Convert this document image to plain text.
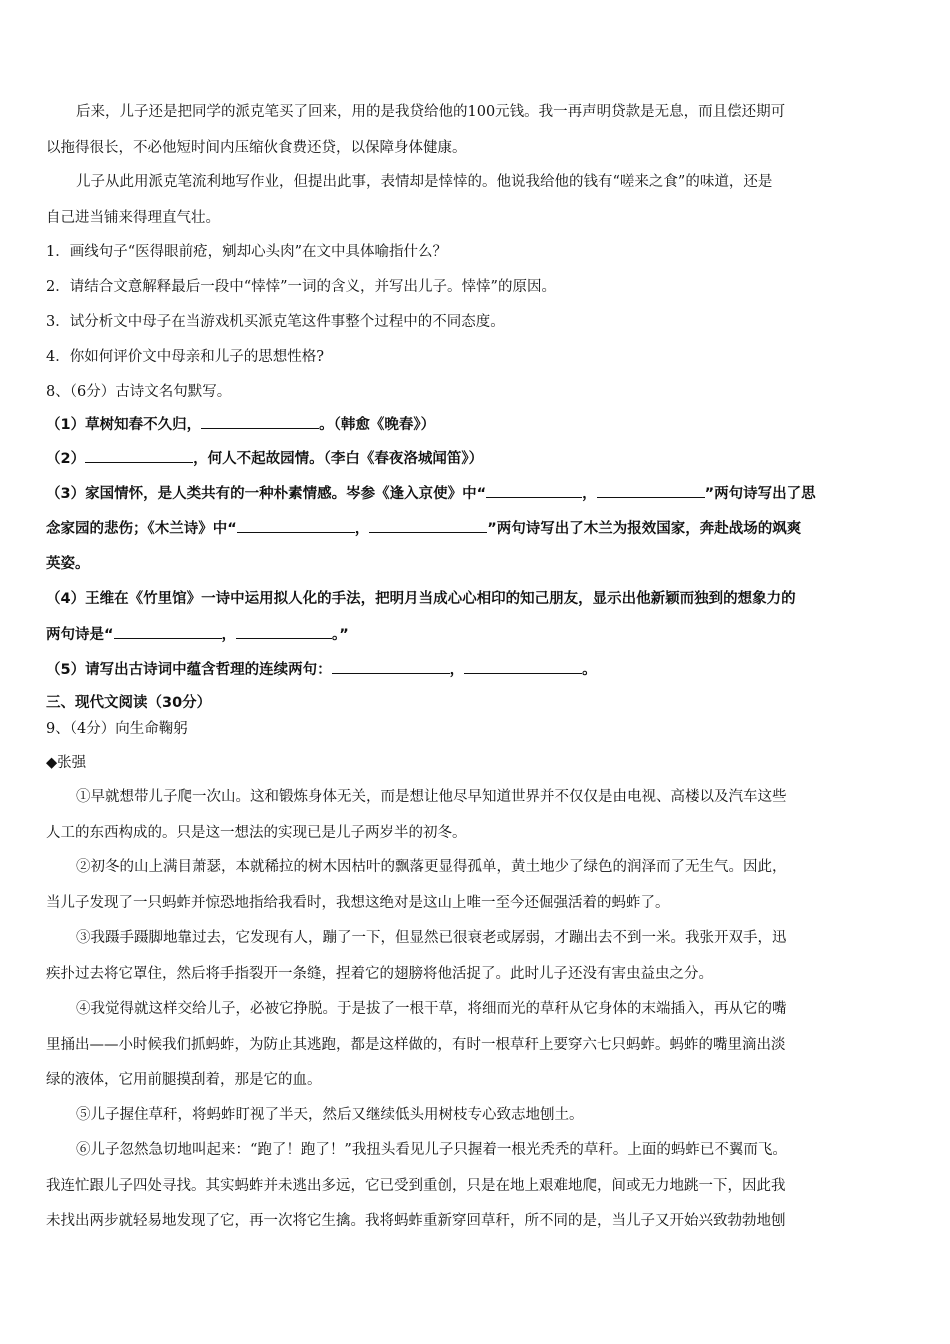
后来，儿子还是把同学的派克笔买了回来，用的是我贷给他的100元钱。我一再声明贷款是无息，而且偿还期可
以拖得很长，不必他短时间内压缩伙食费还贷，以保障身体健康。
儿子从此用派克笔流利地写作业，但提出此事，表情却是悻悻的。他说我给他的钱有“嗟来之食”的味道，还是
自己进当铺来得理直气壮。
1．画线句子“医得眼前疮，剜却心头肉”在文中具体喻指什么？
2．请结合文意解释最后一段中“悻悻”一词的含义，并写出儿子。悻悻”的原因。
3．试分析文中母子在当游戏机买派克笔这件事整个过程中的不同态度。
4．你如何评价文中母亲和儿子的思想性格?
8、（6分）古诗文名句默写。
（1）草树知春不久归，	。（韩愈《晚春》）
（2）	，何人不起故园情。（李白《春夜洛城闻笛》）
（3）家国情怀，是人类共有的一种朴素情感。岑参《逢入京使》中“	，	”两句诗写出了思
念家园的悲伤；《木兰诗》中“	，	”两句诗写出了木兰为报效国家，奔赴战场的飒爽
英姿。
（4）王维在《竹里馆》一诗中运用拟人化的手法，把明月当成心心相印的知己朋友，显示出他新颖而独到的想象力的
两句诗是“	，	。”
（5）请写出古诗词中蕴含哲理的连续两句：	，	。
三、现代文阅读（30分）
9、（4分）向生命鞠躬
◆张强
①早就想带儿子爬一次山。这和锻炼身体无关，而是想让他尽早知道世界并不仅仅是由电视、高楼以及汽车这些
人工的东西构成的。只是这一想法的实现已是儿子两岁半的初冬。
②初冬的山上满目萧瑟，本就稀拉的树木因枯叶的飘落更显得孤单，黄土地少了绿色的润泽而了无生气。因此，
当儿子发现了一只蚂蚱并惊恐地指给我看时，我想这绝对是这山上唯一至今还倔强活着的蚂蚱了。
③我蹑手蹑脚地靠过去，它发现有人，蹦了一下，但显然已很衰老或孱弱，才蹦出去不到一米。我张开双手，迅
疾扑过去将它罩住，然后将手指裂开一条缝，捏着它的翅膀将他活捉了。此时儿子还没有害虫益虫之分。
④我觉得就这样交给儿子，必被它挣脱。于是拔了一根干草，将细而光的草秆从它身体的末端插入，再从它的嘴
里捅出——小时候我们抓蚂蚱，为防止其逃跑，都是这样做的，有时一根草秆上要穿六七只蚂蚱。蚂蚱的嘴里滴出淡
绿的液体，它用前腿摸刮着，那是它的血。
⑤儿子握住草秆，将蚂蚱盯视了半天，然后又继续低头用树枝专心致志地刨土。
⑥儿子忽然急切地叫起来：“跑了！跑了！”我扭头看见儿子只握着一根光秃秃的草秆。上面的蚂蚱已不翼而飞。
我连忙跟儿子四处寻找。其实蚂蚱并未逃出多远，它已受到重创，只是在地上艰难地爬，间或无力地跳一下，因此我
未找出两步就轻易地发现了它，再一次将它生擒。我将蚂蚱重新穿回草秆，所不同的是，当儿子又开始兴致勃勃地刨
